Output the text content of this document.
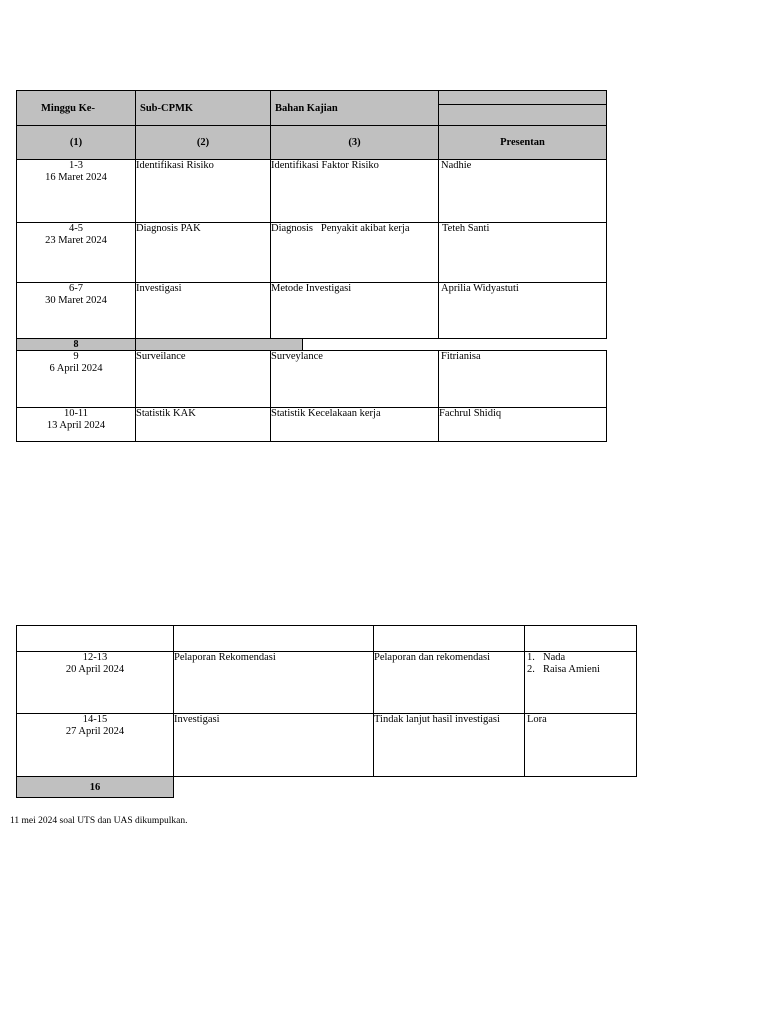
Minggu Ke-	Sub-CPMK	Bahan Kajian
(1)	(2)	(3)	Presentan
1-3
16 Maret 2024
Identifikasi Risiko	Identifikasi Faktor Risiko	Nadhie
4-5
23 Maret 2024
Diagnosis PAK	Diagnosis   Penyakit akibat kerja	Teteh Santi
6-7
30 Maret 2024
Investigasi	Metode Investigasi	Aprilia Widyastuti
8
9
6 April 2024
Surveilance	Surveylance	Fitrianisa
10-11
13 April 2024
Statistik KAK	Statistik Kecelakaan kerja	Fachrul Shidiq
12-13
20 April 2024
Pelaporan Rekomendasi	Pelaporan dan rekomendasi	1. Nada
2. Raisa Amieni
14-15
27 April 2024
Investigasi	Tindak lanjut hasil investigasi	Lora
16
11 mei 2024 soal UTS dan UAS dikumpulkan.
